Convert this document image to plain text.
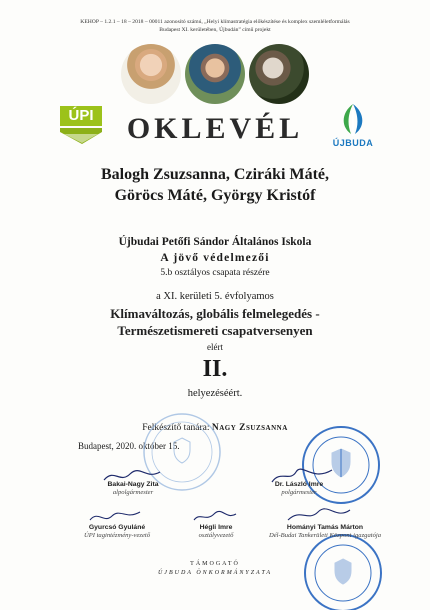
KEHOP – 1.2.1 – 18 – 2018 – 00011 azonosító számú, „Helyi klímastratégia előkészítése és komplex szemléletformálás
Budapest XI. kerületében, Újbudán” című projekt
ÚPI	OKLEVÉL	ÚJBUDA
Balogh Zsuzsanna, Cziráki Máté,
Göröcs Máté, György Kristóf
Újbudai Petőfi Sándor Általános Iskola
A jövő védelmezői
5.b osztályos csapata részére
a XI. kerületi 5. évfolyamos
Klímaváltozás, globális felmelegedés -
Természetismereti csapatversenyen
elért
II.
helyezéséért.
Felkészítő tanára: Nagy Zsuzsanna
Budapest, 2020. október 15.
Bakai-Nagy Zita
alpolgármester
Dr. László Imre
polgármester
Gyurcsó Gyuláné
ÚPI tagintézmény-vezető
Hégli Imre
osztályvezető
Hományi Tamás Márton
Dél-Budai Tankerületi Központ igazgatója
TÁMOGATÓ
ÚJBUDA ÖNKORMÁNYZATA
